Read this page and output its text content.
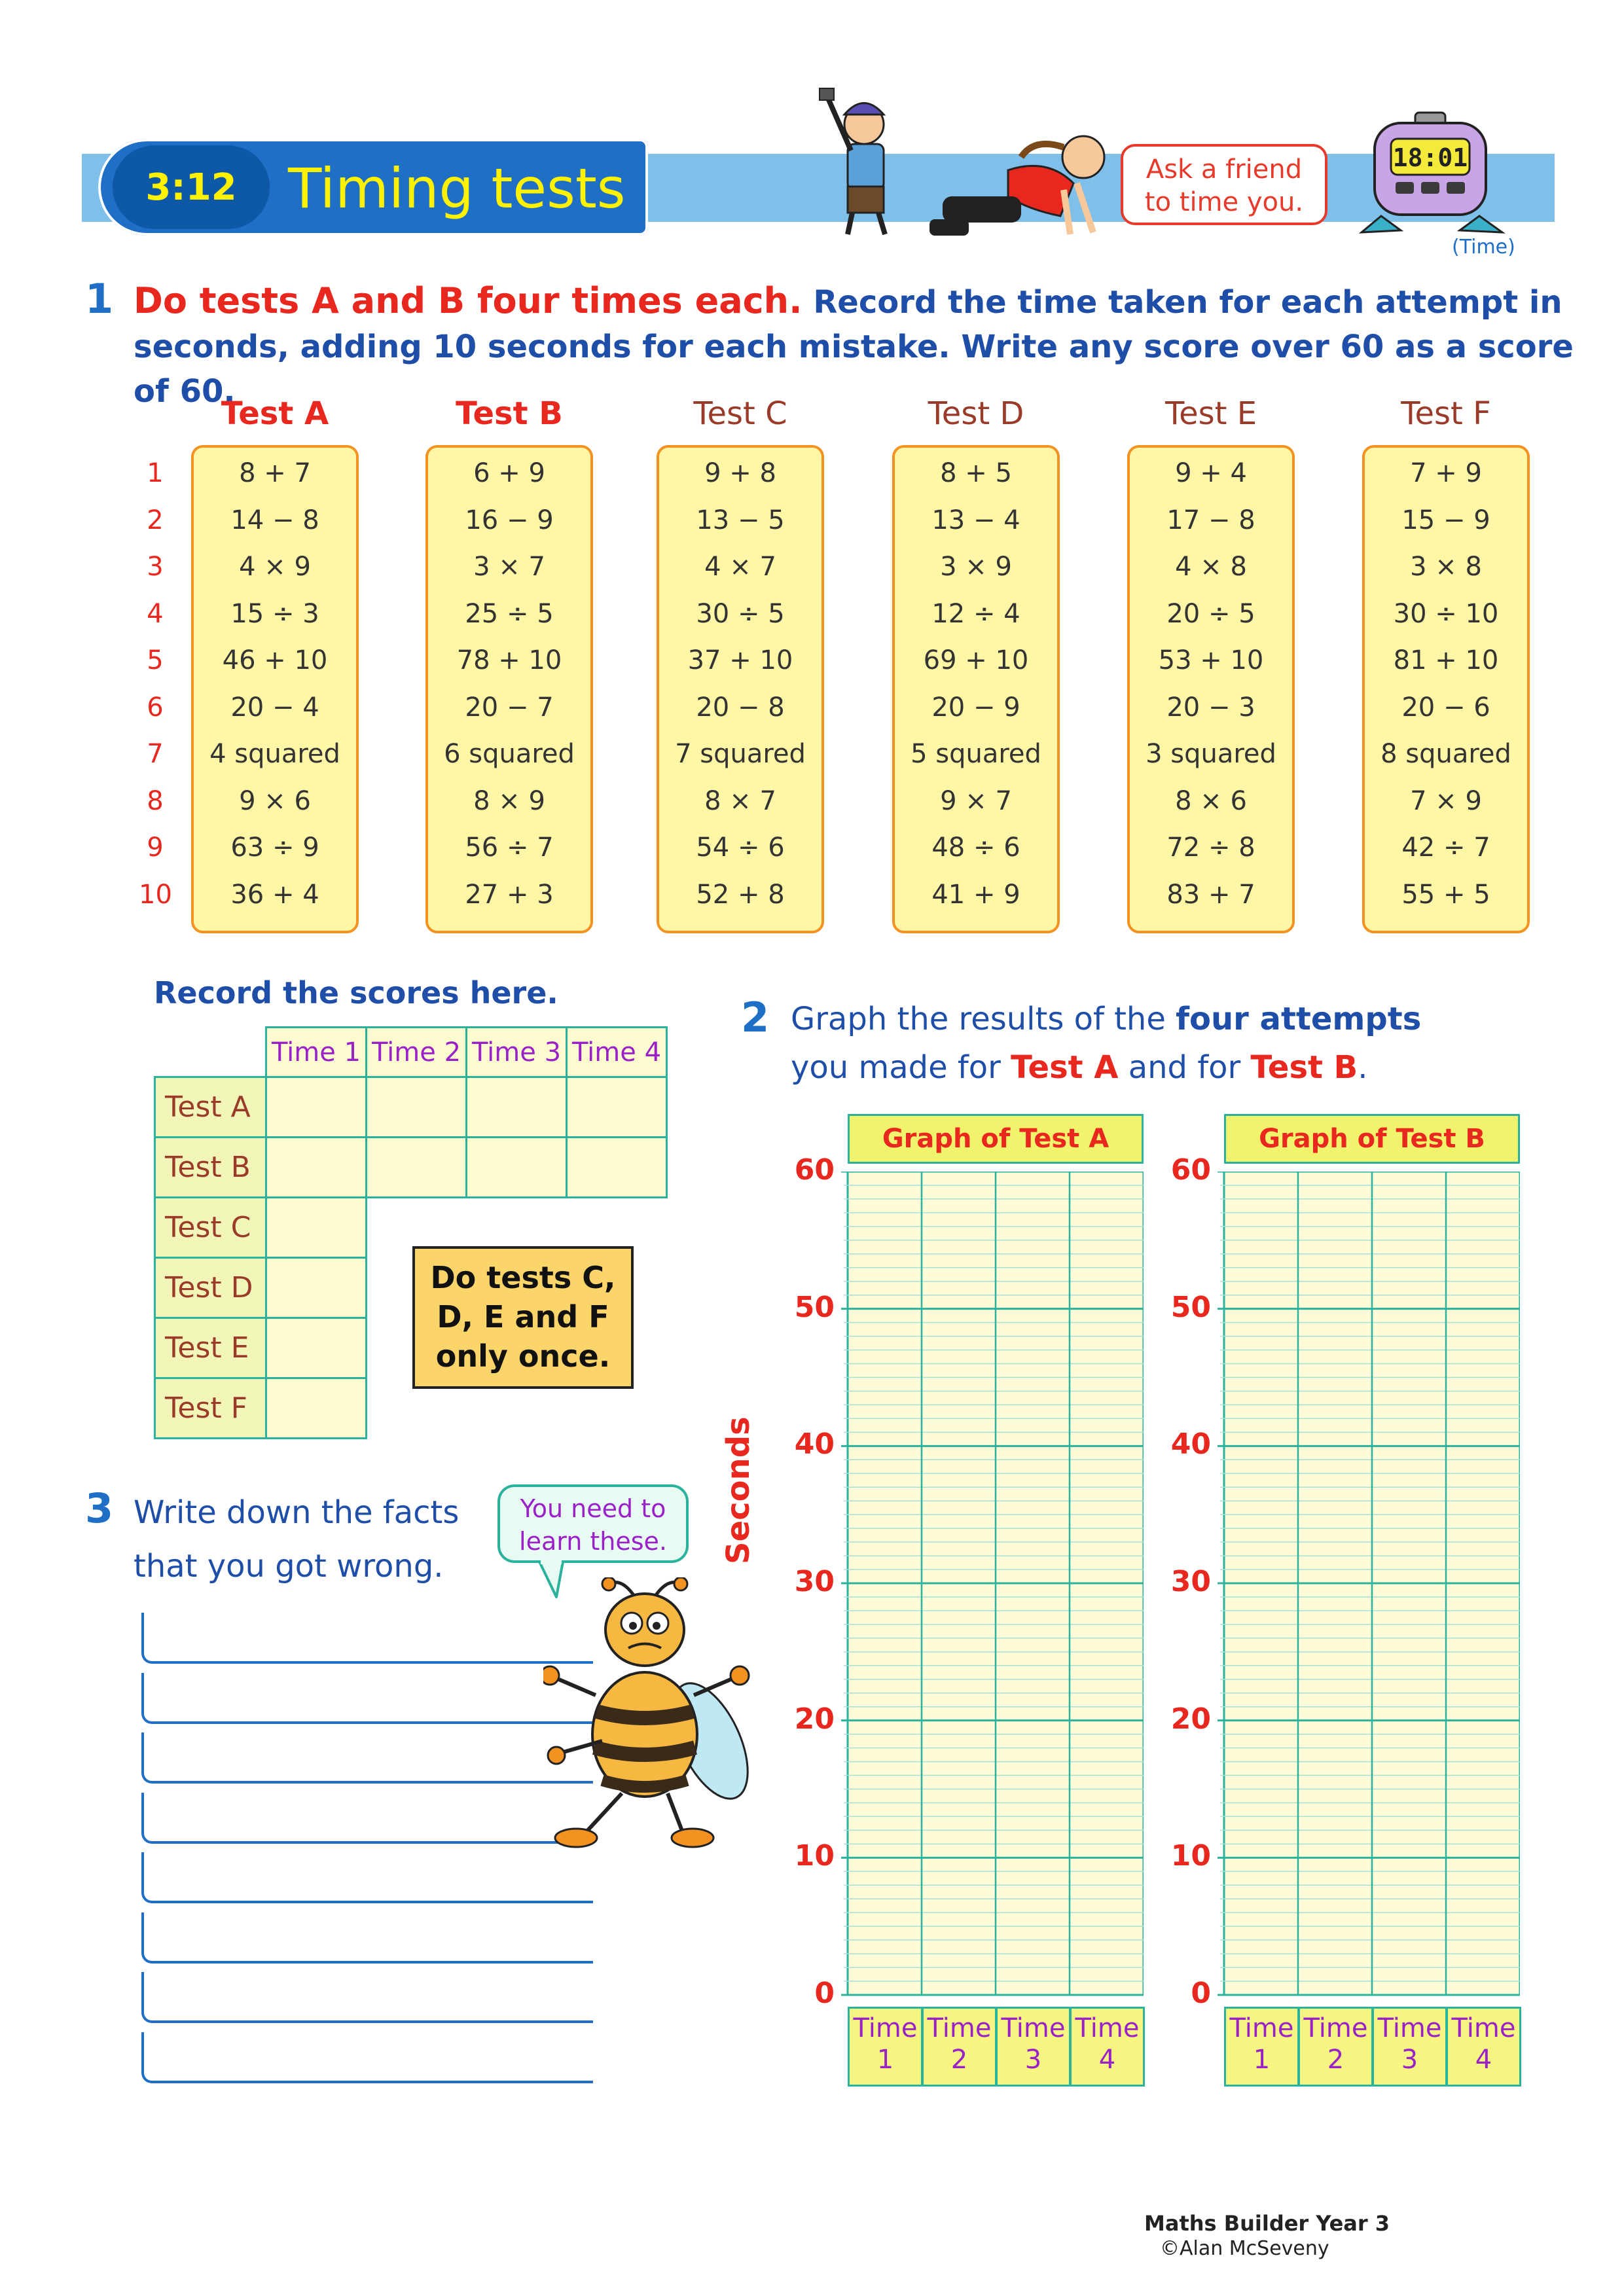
3:12 Timing tests	Ask a friend
to time you.
18:01
(Time)
1 Do tests A and B four times each. Record the time taken for each attempt in seconds, adding 10 seconds for each mistake. Write any score over 60 as a score of 60.
1
2
3
4
5
6
7
8
9
10
Test A
8 + 7
14 − 8
4 × 9
15 ÷ 3
46 + 10
20 − 4
4 squared
9 × 6
63 ÷ 9
36 + 4
Test B
6 + 9
16 − 9
3 × 7
25 ÷ 5
78 + 10
20 − 7
6 squared
8 × 9
56 ÷ 7
27 + 3
Test C
9 + 8
13 − 5
4 × 7
30 ÷ 5
37 + 10
20 − 8
7 squared
8 × 7
54 ÷ 6
52 + 8
Test D
8 + 5
13 − 4
3 × 9
12 ÷ 4
69 + 10
20 − 9
5 squared
9 × 7
48 ÷ 6
41 + 9
Test E
9 + 4
17 − 8
4 × 8
20 ÷ 5
53 + 10
20 − 3
3 squared
8 × 6
72 ÷ 8
83 + 7
Test F
7 + 9
15 − 9
3 × 8
30 ÷ 10
81 + 10
20 − 6
8 squared
7 × 9
42 ÷ 7
55 + 5
Record the scores here.
Time 1 Time 2 Time 3 Time 4
Test A
Test B
Test C
Test D
Test E
Test F
Do tests C,
D, E and F
only once.
2 Graph the results of the four attempts you made for Test A and for Test B.
Seconds
Graph of Test A
60
50
40
30
20
10
0
Time
1
Time
2
Time
3
Time
4
Graph of Test B
60
50
40
30
20
10
0
Time
1
Time
2
Time
3
Time
4
3 Write down the facts
that you got wrong.
You need to
learn these.
Maths Builder Year 3
©Alan McSeveny
